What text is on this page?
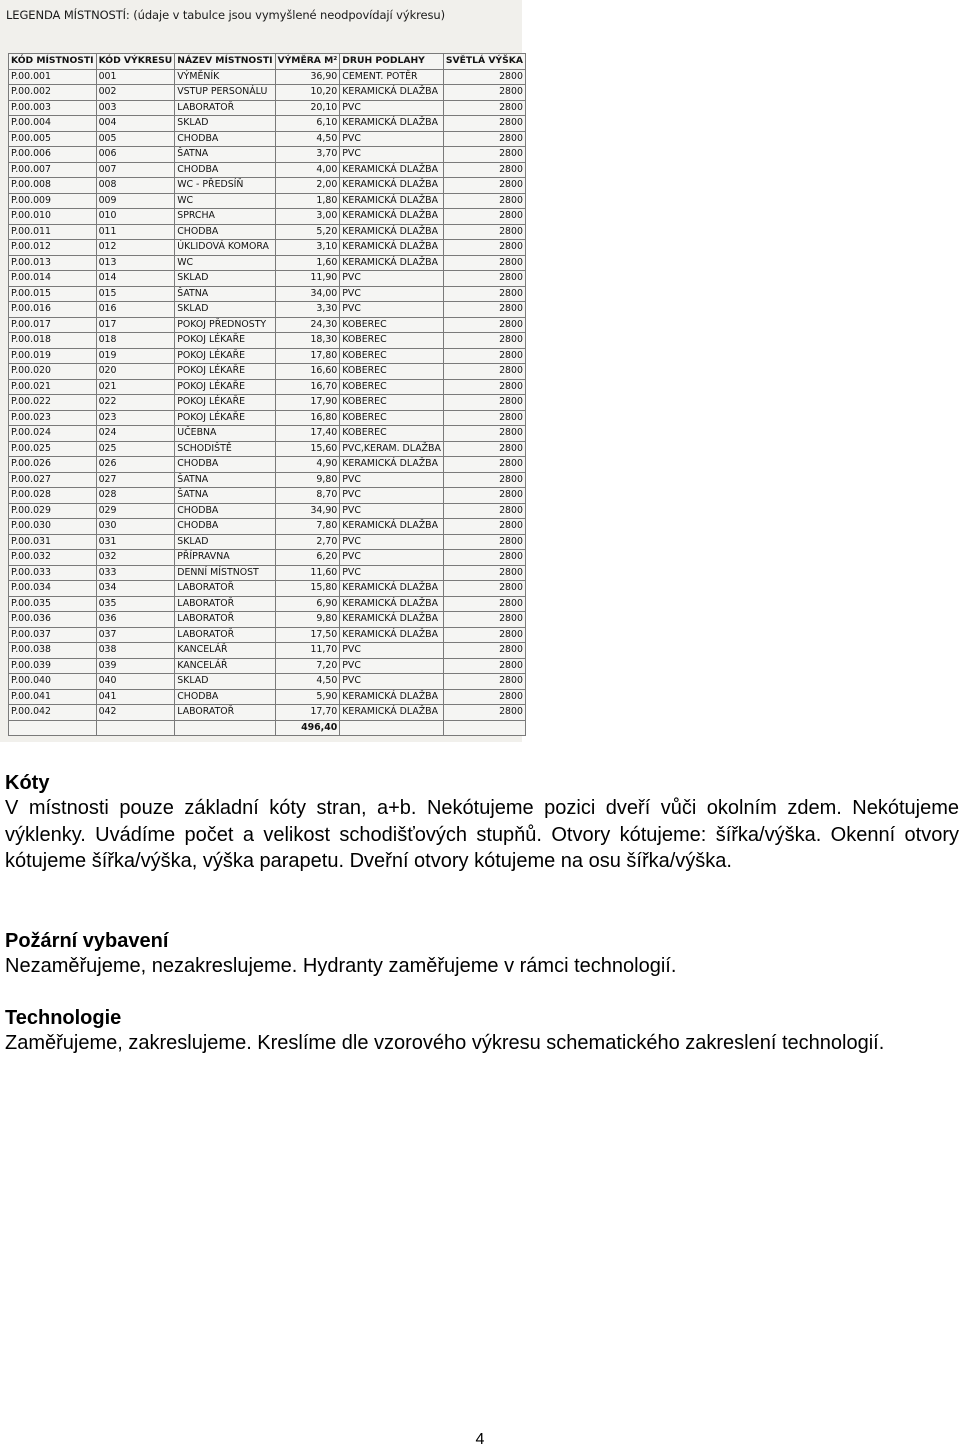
LEGENDA MÍSTNOSTÍ: (údaje v tabulce jsou vymyšlené neodpovídají výkresu)
KÓD MÍSTNOSTI	KÓD VÝKRESU	NÁZEV MÍSTNOSTI	VÝMĚRA M²	DRUH PODLAHY	SVĚTLÁ VÝŠKA
P.00.001	001	VÝMĚNÍK	36,90	CEMENT. POTĚR	2800
P.00.002	002	VSTUP PERSONÁLU	10,20	KERAMICKÁ DLAŽBA	2800
P.00.003	003	LABORATOŘ	20,10	PVC	2800
P.00.004	004	SKLAD	6,10	KERAMICKÁ DLAŽBA	2800
P.00.005	005	CHODBA	4,50	PVC	2800
P.00.006	006	ŠATNA	3,70	PVC	2800
P.00.007	007	CHODBA	4,00	KERAMICKÁ DLAŽBA	2800
P.00.008	008	WC - PŘEDSÍŇ	2,00	KERAMICKÁ DLAŽBA	2800
P.00.009	009	WC	1,80	KERAMICKÁ DLAŽBA	2800
P.00.010	010	SPRCHA	3,00	KERAMICKÁ DLAŽBA	2800
P.00.011	011	CHODBA	5,20	KERAMICKÁ DLAŽBA	2800
P.00.012	012	ÚKLIDOVÁ KOMORA	3,10	KERAMICKÁ DLAŽBA	2800
P.00.013	013	WC	1,60	KERAMICKÁ DLAŽBA	2800
P.00.014	014	SKLAD	11,90	PVC	2800
P.00.015	015	ŠATNA	34,00	PVC	2800
P.00.016	016	SKLAD	3,30	PVC	2800
P.00.017	017	POKOJ PŘEDNOSTY	24,30	KOBEREC	2800
P.00.018	018	POKOJ LÉKAŘE	18,30	KOBEREC	2800
P.00.019	019	POKOJ LÉKAŘE	17,80	KOBEREC	2800
P.00.020	020	POKOJ LÉKAŘE	16,60	KOBEREC	2800
P.00.021	021	POKOJ LÉKAŘE	16,70	KOBEREC	2800
P.00.022	022	POKOJ LÉKAŘE	17,90	KOBEREC	2800
P.00.023	023	POKOJ LÉKAŘE	16,80	KOBEREC	2800
P.00.024	024	UČEBNA	17,40	KOBEREC	2800
P.00.025	025	SCHODIŠTĚ	15,60	PVC,KERAM. DLAŽBA	2800
P.00.026	026	CHODBA	4,90	KERAMICKÁ DLAŽBA	2800
P.00.027	027	ŠATNA	9,80	PVC	2800
P.00.028	028	ŠATNA	8,70	PVC	2800
P.00.029	029	CHODBA	34,90	PVC	2800
P.00.030	030	CHODBA	7,80	KERAMICKÁ DLAŽBA	2800
P.00.031	031	SKLAD	2,70	PVC	2800
P.00.032	032	PŘÍPRAVNA	6,20	PVC	2800
P.00.033	033	DENNÍ MÍSTNOST	11,60	PVC	2800
P.00.034	034	LABORATOŘ	15,80	KERAMICKÁ DLAŽBA	2800
P.00.035	035	LABORATOŘ	6,90	KERAMICKÁ DLAŽBA	2800
P.00.036	036	LABORATOŘ	9,80	KERAMICKÁ DLAŽBA	2800
P.00.037	037	LABORATOŘ	17,50	KERAMICKÁ DLAŽBA	2800
P.00.038	038	KANCELÁŘ	11,70	PVC	2800
P.00.039	039	KANCELÁŘ	7,20	PVC	2800
P.00.040	040	SKLAD	4,50	PVC	2800
P.00.041	041	CHODBA	5,90	KERAMICKÁ DLAŽBA	2800
P.00.042	042	LABORATOŘ	17,70	KERAMICKÁ DLAŽBA	2800
			496,40		
Kóty
V místnosti pouze základní kóty stran, a+b. Nekótujeme pozici dveří vůči okolním zdem. Nekótujeme výklenky. Uvádíme počet a velikost schodišťových stupňů. Otvory kótujeme: šířka/výška. Okenní otvory kótujeme šířka/výška, výška parapetu. Dveřní otvory kótujeme na osu šířka/výška.
Požární vybavení
Nezaměřujeme, nezakreslujeme. Hydranty zaměřujeme v rámci technologií.
Technologie
Zaměřujeme, zakreslujeme. Kreslíme dle vzorového výkresu schematického zakreslení technologií.
4
